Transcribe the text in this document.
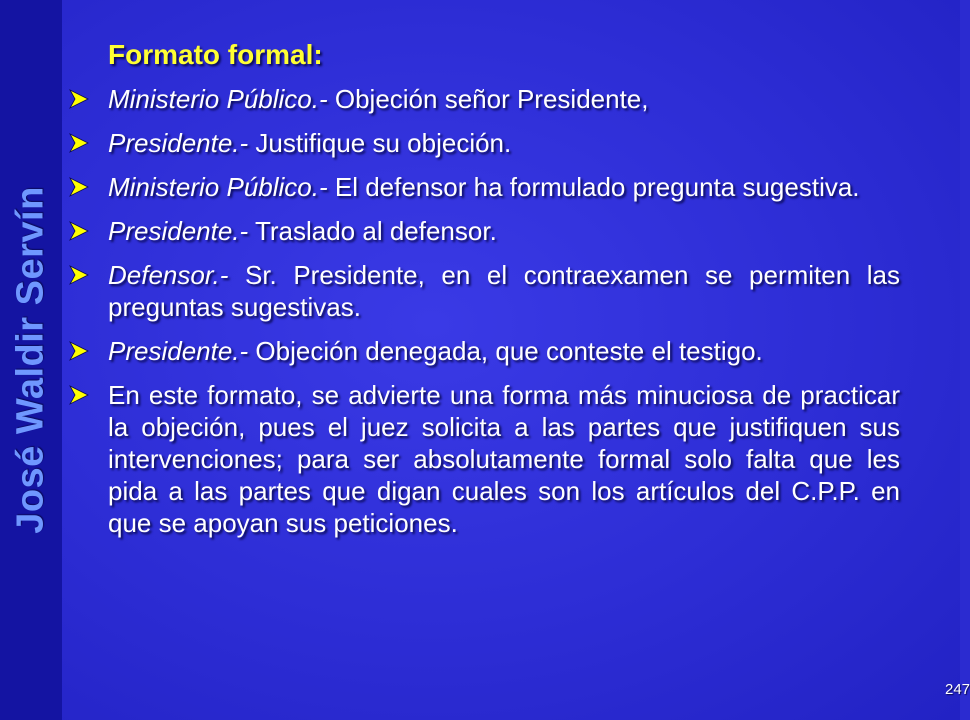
José Waldir Servín
Formato formal:
Ministerio Público.- Objeción señor Presidente,
Presidente.- Justifique su objeción.
Ministerio Público.- El defensor ha formulado pregunta sugestiva.
Presidente.- Traslado al defensor.
Defensor.- Sr. Presidente, en el contraexamen se permiten las preguntas sugestivas.
Presidente.- Objeción denegada, que conteste el testigo.
En este formato, se advierte una forma más minuciosa de practicar la objeción, pues el juez solicita a las partes que justifiquen sus intervenciones; para ser absolutamente formal solo falta que les pida a las partes que digan cuales son los artículos del C.P.P. en que se apoyan sus peticiones.
247
